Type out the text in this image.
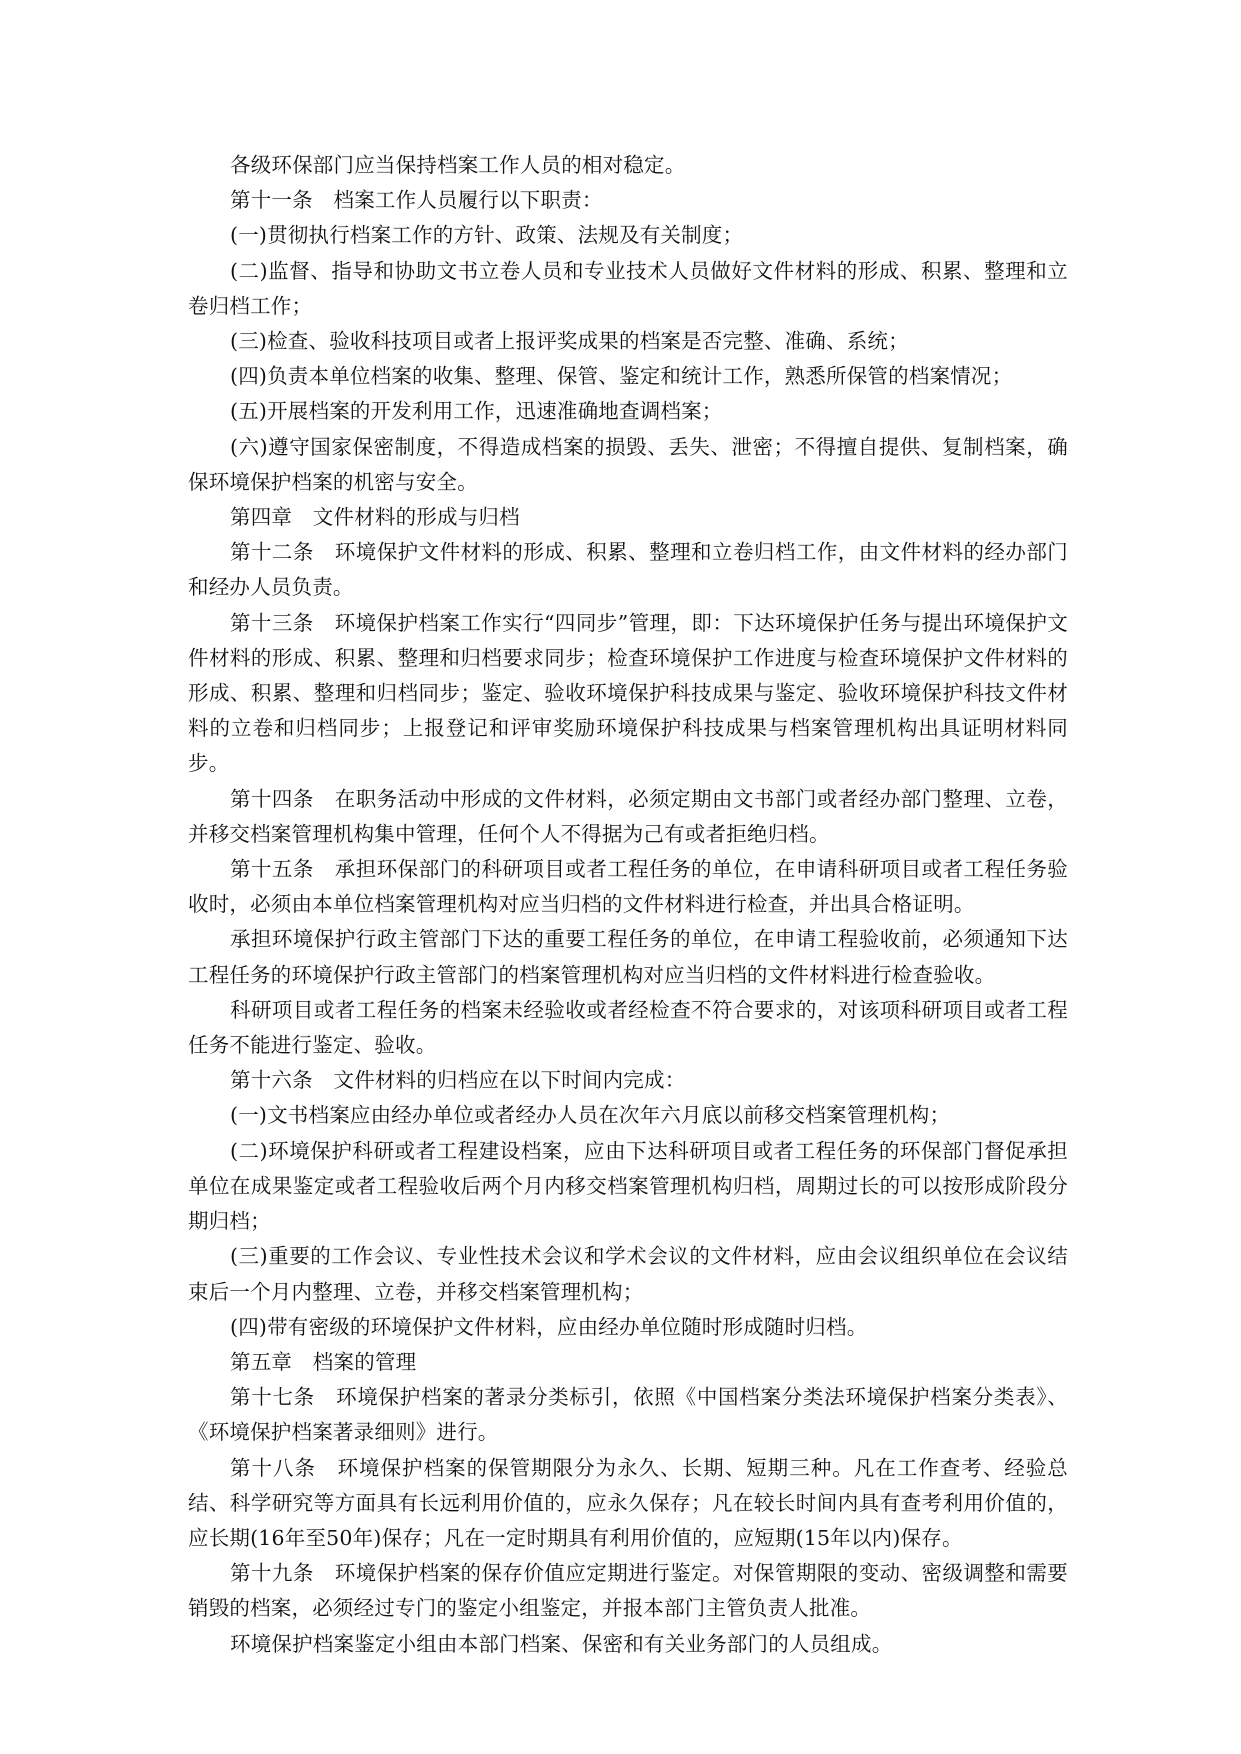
各级环保部门应当保持档案工作人员的相对稳定。

第十一条　档案工作人员履行以下职责：

(一)贯彻执行档案工作的方针、政策、法规及有关制度；

(二)监督、指导和协助文书立卷人员和专业技术人员做好文件材料的形成、积累、整理和立卷归档工作；

(三)检查、验收科技项目或者上报评奖成果的档案是否完整、准确、系统；

(四)负责本单位档案的收集、整理、保管、鉴定和统计工作，熟悉所保管的档案情况；

(五)开展档案的开发利用工作，迅速准确地查调档案；

(六)遵守国家保密制度，不得造成档案的损毁、丢失、泄密；不得擅自提供、复制档案，确保环境保护档案的机密与安全。

第四章　文件材料的形成与归档

第十二条　环境保护文件材料的形成、积累、整理和立卷归档工作，由文件材料的经办部门和经办人员负责。

第十三条　环境保护档案工作实行“四同步”管理，即：下达环境保护任务与提出环境保护文件材料的形成、积累、整理和归档要求同步；检查环境保护工作进度与检查环境保护文件材料的形成、积累、整理和归档同步；鉴定、验收环境保护科技成果与鉴定、验收环境保护科技文件材料的立卷和归档同步；上报登记和评审奖励环境保护科技成果与档案管理机构出具证明材料同步。

第十四条　在职务活动中形成的文件材料，必须定期由文书部门或者经办部门整理、立卷，并移交档案管理机构集中管理，任何个人不得据为己有或者拒绝归档。

第十五条　承担环保部门的科研项目或者工程任务的单位，在申请科研项目或者工程任务验收时，必须由本单位档案管理机构对应当归档的文件材料进行检查，并出具合格证明。

承担环境保护行政主管部门下达的重要工程任务的单位，在申请工程验收前，必须通知下达工程任务的环境保护行政主管部门的档案管理机构对应当归档的文件材料进行检查验收。

科研项目或者工程任务的档案未经验收或者经检查不符合要求的，对该项科研项目或者工程任务不能进行鉴定、验收。

第十六条　文件材料的归档应在以下时间内完成：

(一)文书档案应由经办单位或者经办人员在次年六月底以前移交档案管理机构；

(二)环境保护科研或者工程建设档案，应由下达科研项目或者工程任务的环保部门督促承担单位在成果鉴定或者工程验收后两个月内移交档案管理机构归档，周期过长的可以按形成阶段分期归档；

(三)重要的工作会议、专业性技术会议和学术会议的文件材料，应由会议组织单位在会议结束后一个月内整理、立卷，并移交档案管理机构；

(四)带有密级的环境保护文件材料，应由经办单位随时形成随时归档。

第五章　档案的管理

第十七条　环境保护档案的著录分类标引，依照《中国档案分类法环境保护档案分类表》、《环境保护档案著录细则》进行。

第十八条　环境保护档案的保管期限分为永久、长期、短期三种。凡在工作查考、经验总结、科学研究等方面具有长远利用价值的，应永久保存；凡在较长时间内具有查考利用价值的，应长期(16年至50年)保存；凡在一定时期具有利用价值的，应短期(15年以内)保存。

第十九条　环境保护档案的保存价值应定期进行鉴定。对保管期限的变动、密级调整和需要销毁的档案，必须经过专门的鉴定小组鉴定，并报本部门主管负责人批准。

环境保护档案鉴定小组由本部门档案、保密和有关业务部门的人员组成。
